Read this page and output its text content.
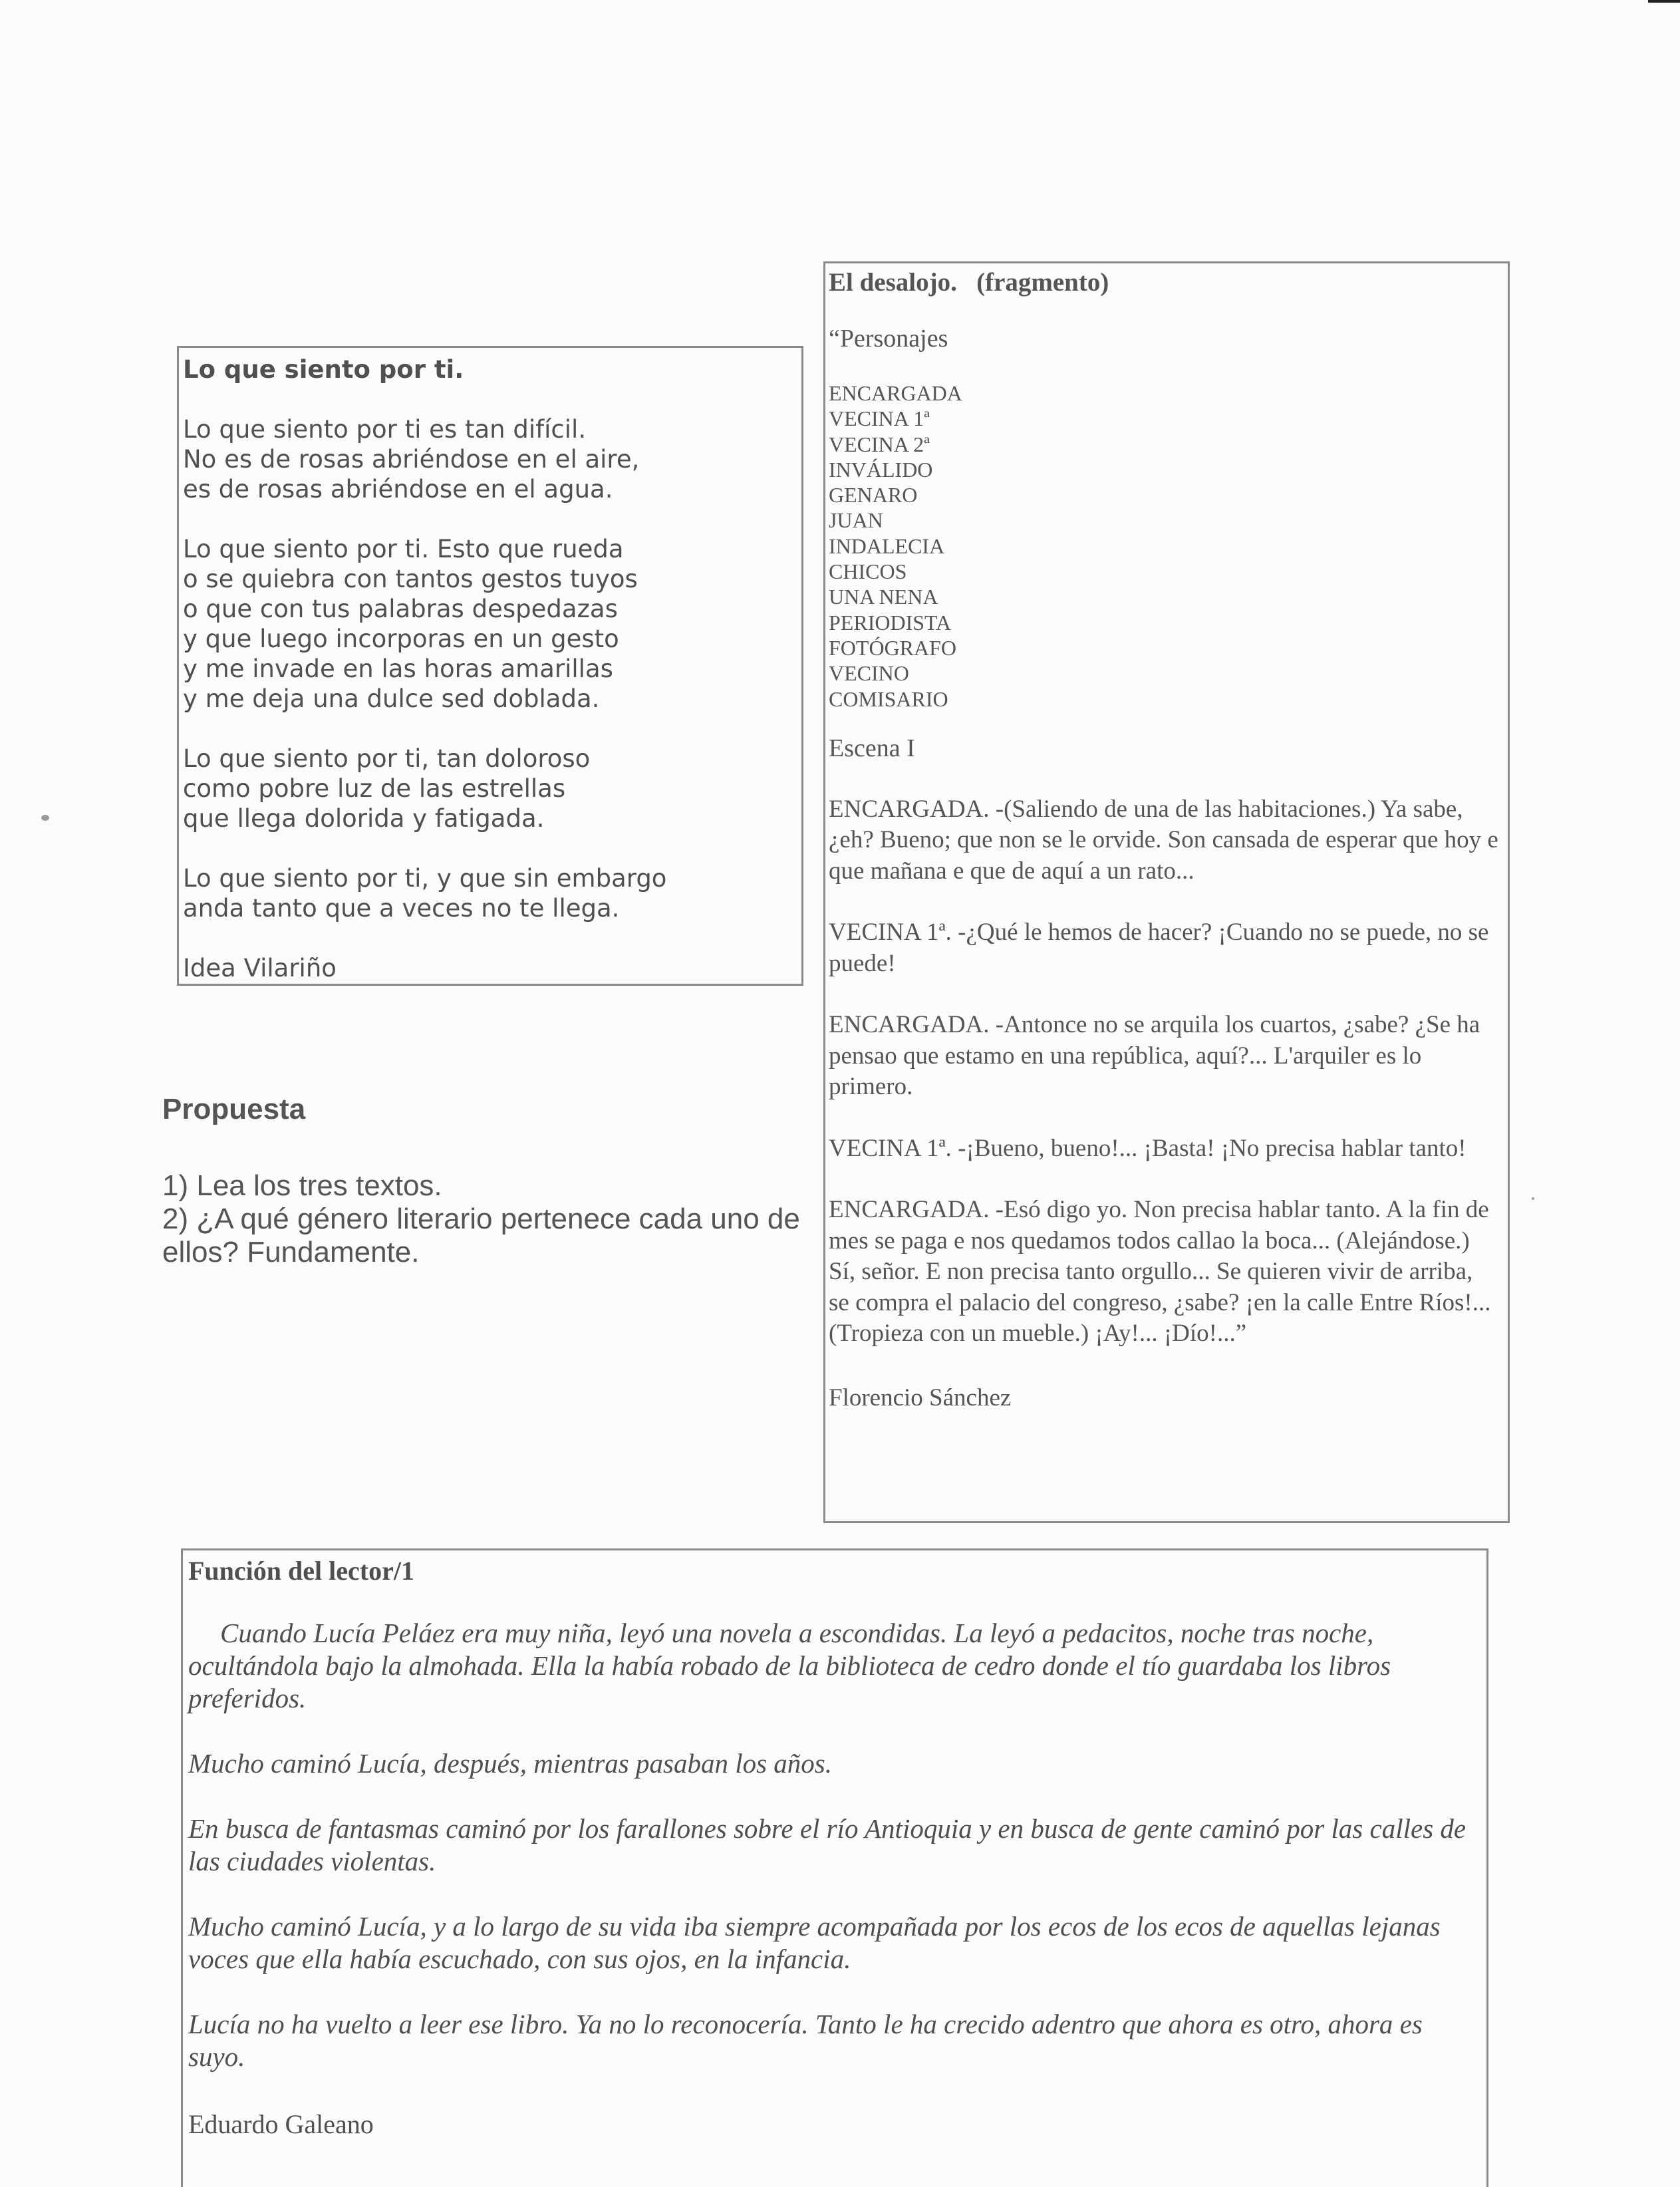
Lo que siento por ti.
Lo que siento por ti es tan difícil.
No es de rosas abriéndose en el aire,
es de rosas abriéndose en el agua.
Lo que siento por ti. Esto que rueda
o se quiebra con tantos gestos tuyos
o que con tus palabras despedazas
y que luego incorporas en un gesto
y me invade en las horas amarillas
y me deja una dulce sed doblada.
Lo que siento por ti, tan doloroso
como pobre luz de las estrellas
que llega dolorida y fatigada.
Lo que siento por ti, y que sin embargo
anda tanto que a veces no te llega.
Idea Vilariño
Propuesta
1) Lea los tres textos.
2) ¿A qué género literario pertenece cada uno de ellos? Fundamente.
El desalojo.   (fragmento)
“Personajes
ENCARGADA
VECINA 1ª
VECINA 2ª
INVÁLIDO
GENARO
JUAN
INDALECIA
CHICOS
UNA NENA
PERIODISTA
FOTÓGRAFO
VECINO
COMISARIO
Escena I
ENCARGADA. -(Saliendo de una de las habitaciones.) Ya sabe, ¿eh? Bueno; que non se le orvide. Son cansada de esperar que hoy e que mañana e que de aquí a un rato...
VECINA 1ª. -¿Qué le hemos de hacer? ¡Cuando no se puede, no se puede!
ENCARGADA. -Antonce no se arquila los cuartos, ¿sabe? ¿Se ha pensao que estamo en una república, aquí?... L'arquiler es lo primero.
VECINA 1ª. -¡Bueno, bueno!... ¡Basta! ¡No precisa hablar tanto!
ENCARGADA. -Esó digo yo. Non precisa hablar tanto. A la fin de mes se paga e nos quedamos todos callao la boca... (Alejándose.) Sí, señor. E non precisa tanto orgullo... Se quieren vivir de arriba, se compra el palacio del congreso, ¿sabe? ¡en la calle Entre Ríos!... (Tropieza con un mueble.) ¡Ay!... ¡Dío!...”
Florencio Sánchez
Función del lector/1
Cuando Lucía Peláez era muy niña, leyó una novela a escondidas. La leyó a pedacitos, noche tras noche, ocultándola bajo la almohada. Ella la había robado de la biblioteca de cedro donde el tío guardaba los libros preferidos.
Mucho caminó Lucía, después, mientras pasaban los años.
En busca de fantasmas caminó por los farallones sobre el río Antioquia y en busca de gente caminó por las calles de las ciudades violentas.
Mucho caminó Lucía, y a lo largo de su vida iba siempre acompañada por los ecos de los ecos de aquellas lejanas voces que ella había escuchado, con sus ojos, en la infancia.
Lucía no ha vuelto a leer ese libro. Ya no lo reconocería. Tanto le ha crecido adentro que ahora es otro, ahora es suyo.
Eduardo Galeano
